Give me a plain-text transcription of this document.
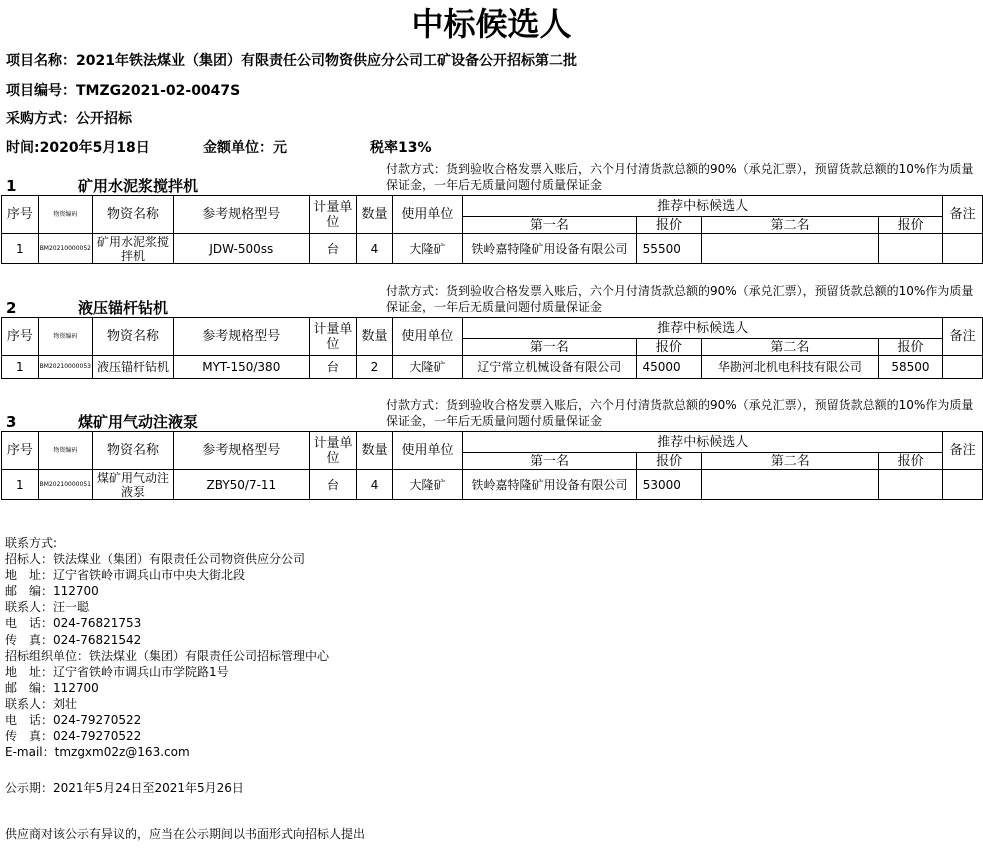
中标候选人
项目名称：2021年铁法煤业（集团）有限责任公司物资供应分公司工矿设备公开招标第二批
项目编号：TMZG2021-02-0047S
采购方式：公开招标
时间:2020年5月18日	金额单位：元	税率13%
1	矿用水泥浆搅拌机
付款方式：货到验收合格发票入账后，六个月付清货款总额的90%（承兑汇票），预留货款总额的10%作为质量保证金，一年后无质量问题付质量保证金
序号	物资编码	物资名称	参考规格型号	计量单位	数量	使用单位	推荐中标候选人				备注
							第一名	报价	第二名	报价	
1	BM20210000052	矿用水泥浆搅拌机	JDW-500ss	台	4	大隆矿	铁岭嘉特隆矿用设备有限公司	55500			
2	液压锚杆钻机
付款方式：货到验收合格发票入账后，六个月付清货款总额的90%（承兑汇票），预留货款总额的10%作为质量保证金，一年后无质量问题付质量保证金
序号	物资编码	物资名称	参考规格型号	计量单位	数量	使用单位	推荐中标候选人				备注
							第一名	报价	第二名	报价	
1	BM20210000053	液压锚杆钻机	MYT-150/380	台	2	大隆矿	辽宁常立机械设备有限公司	45000	华勘河北机电科技有限公司	58500	
3	煤矿用气动注液泵
付款方式：货到验收合格发票入账后，六个月付清货款总额的90%（承兑汇票），预留货款总额的10%作为质量保证金，一年后无质量问题付质量保证金
序号	物资编码	物资名称	参考规格型号	计量单位	数量	使用单位	推荐中标候选人				备注
							第一名	报价	第二名	报价	
1	BM20210000051	煤矿用气动注液泵	ZBY50/7-11	台	4	大隆矿	铁岭嘉特隆矿用设备有限公司	53000			
联系方式:
招标人：铁法煤业（集团）有限责任公司物资供应分公司
地　址：辽宁省铁岭市调兵山市中央大街北段
邮　编：112700
联系人：汪一聪
电　话：024-76821753
传　真：024-76821542
招标组织单位：铁法煤业（集团）有限责任公司招标管理中心
地　址：辽宁省铁岭市调兵山市学院路1号
邮　编：112700
联系人：刘壮
电　话：024-79270522
传　真：024-79270522
E-mail：tmzgxm02z@163.com
公示期：2021年5月24日至2021年5月26日
供应商对该公示有异议的，应当在公示期间以书面形式向招标人提出
